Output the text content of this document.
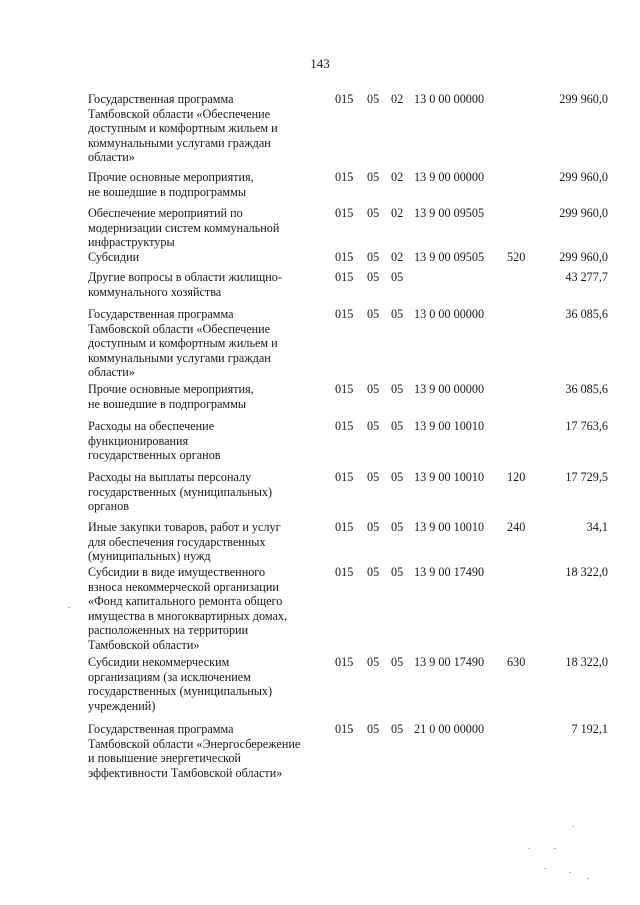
143
Государственная программа
Тамбовской области «Обеспечение
доступным и комфортным жильем и
коммунальными услугами граждан
области»
015 05 02 13 0 00 00000	299 960,0
Прочие основные мероприятия,
не вошедшие в подпрограммы
015 05 02 13 9 00 00000	299 960,0
Обеспечение мероприятий по
модернизации систем коммунальной
инфраструктуры
015 05 02 13 9 00 09505	299 960,0
Субсидии	015 05 02 13 9 00 09505 520	299 960,0
Другие вопросы в области жилищно-
коммунального хозяйства
015 05 05	43 277,7
Государственная программа
Тамбовской области «Обеспечение
доступным и комфортным жильем и
коммунальными услугами граждан
области»
015 05 05 13 0 00 00000	36 085,6
Прочие основные мероприятия,
не вошедшие в подпрограммы
015 05 05 13 9 00 00000	36 085,6
Расходы на обеспечение
функционирования
государственных органов
015 05 05 13 9 00 10010	17 763,6
Расходы на выплаты персоналу
государственных (муниципальных)
органов
015 05 05 13 9 00 10010 120	17 729,5
Иные закупки товаров, работ и услуг
для обеспечения государственных
(муниципальных) нужд
015 05 05 13 9 00 10010 240	34,1
Субсидии в виде имущественного
взноса некоммерческой организации
«Фонд капитального ремонта общего
имущества в многоквартирных домах,
расположенных на территории
Тамбовской области»
015 05 05 13 9 00 17490	18 322,0
Субсидии некоммерческим
организациям (за исключением
государственных (муниципальных)
учреждений)
015 05 05 13 9 00 17490 630	18 322,0
Государственная программа
Тамбовской области «Энергосбережение
и повышение энергетической
эффективности Тамбовской области»
015 05 05 21 0 00 00000	7 192,1
